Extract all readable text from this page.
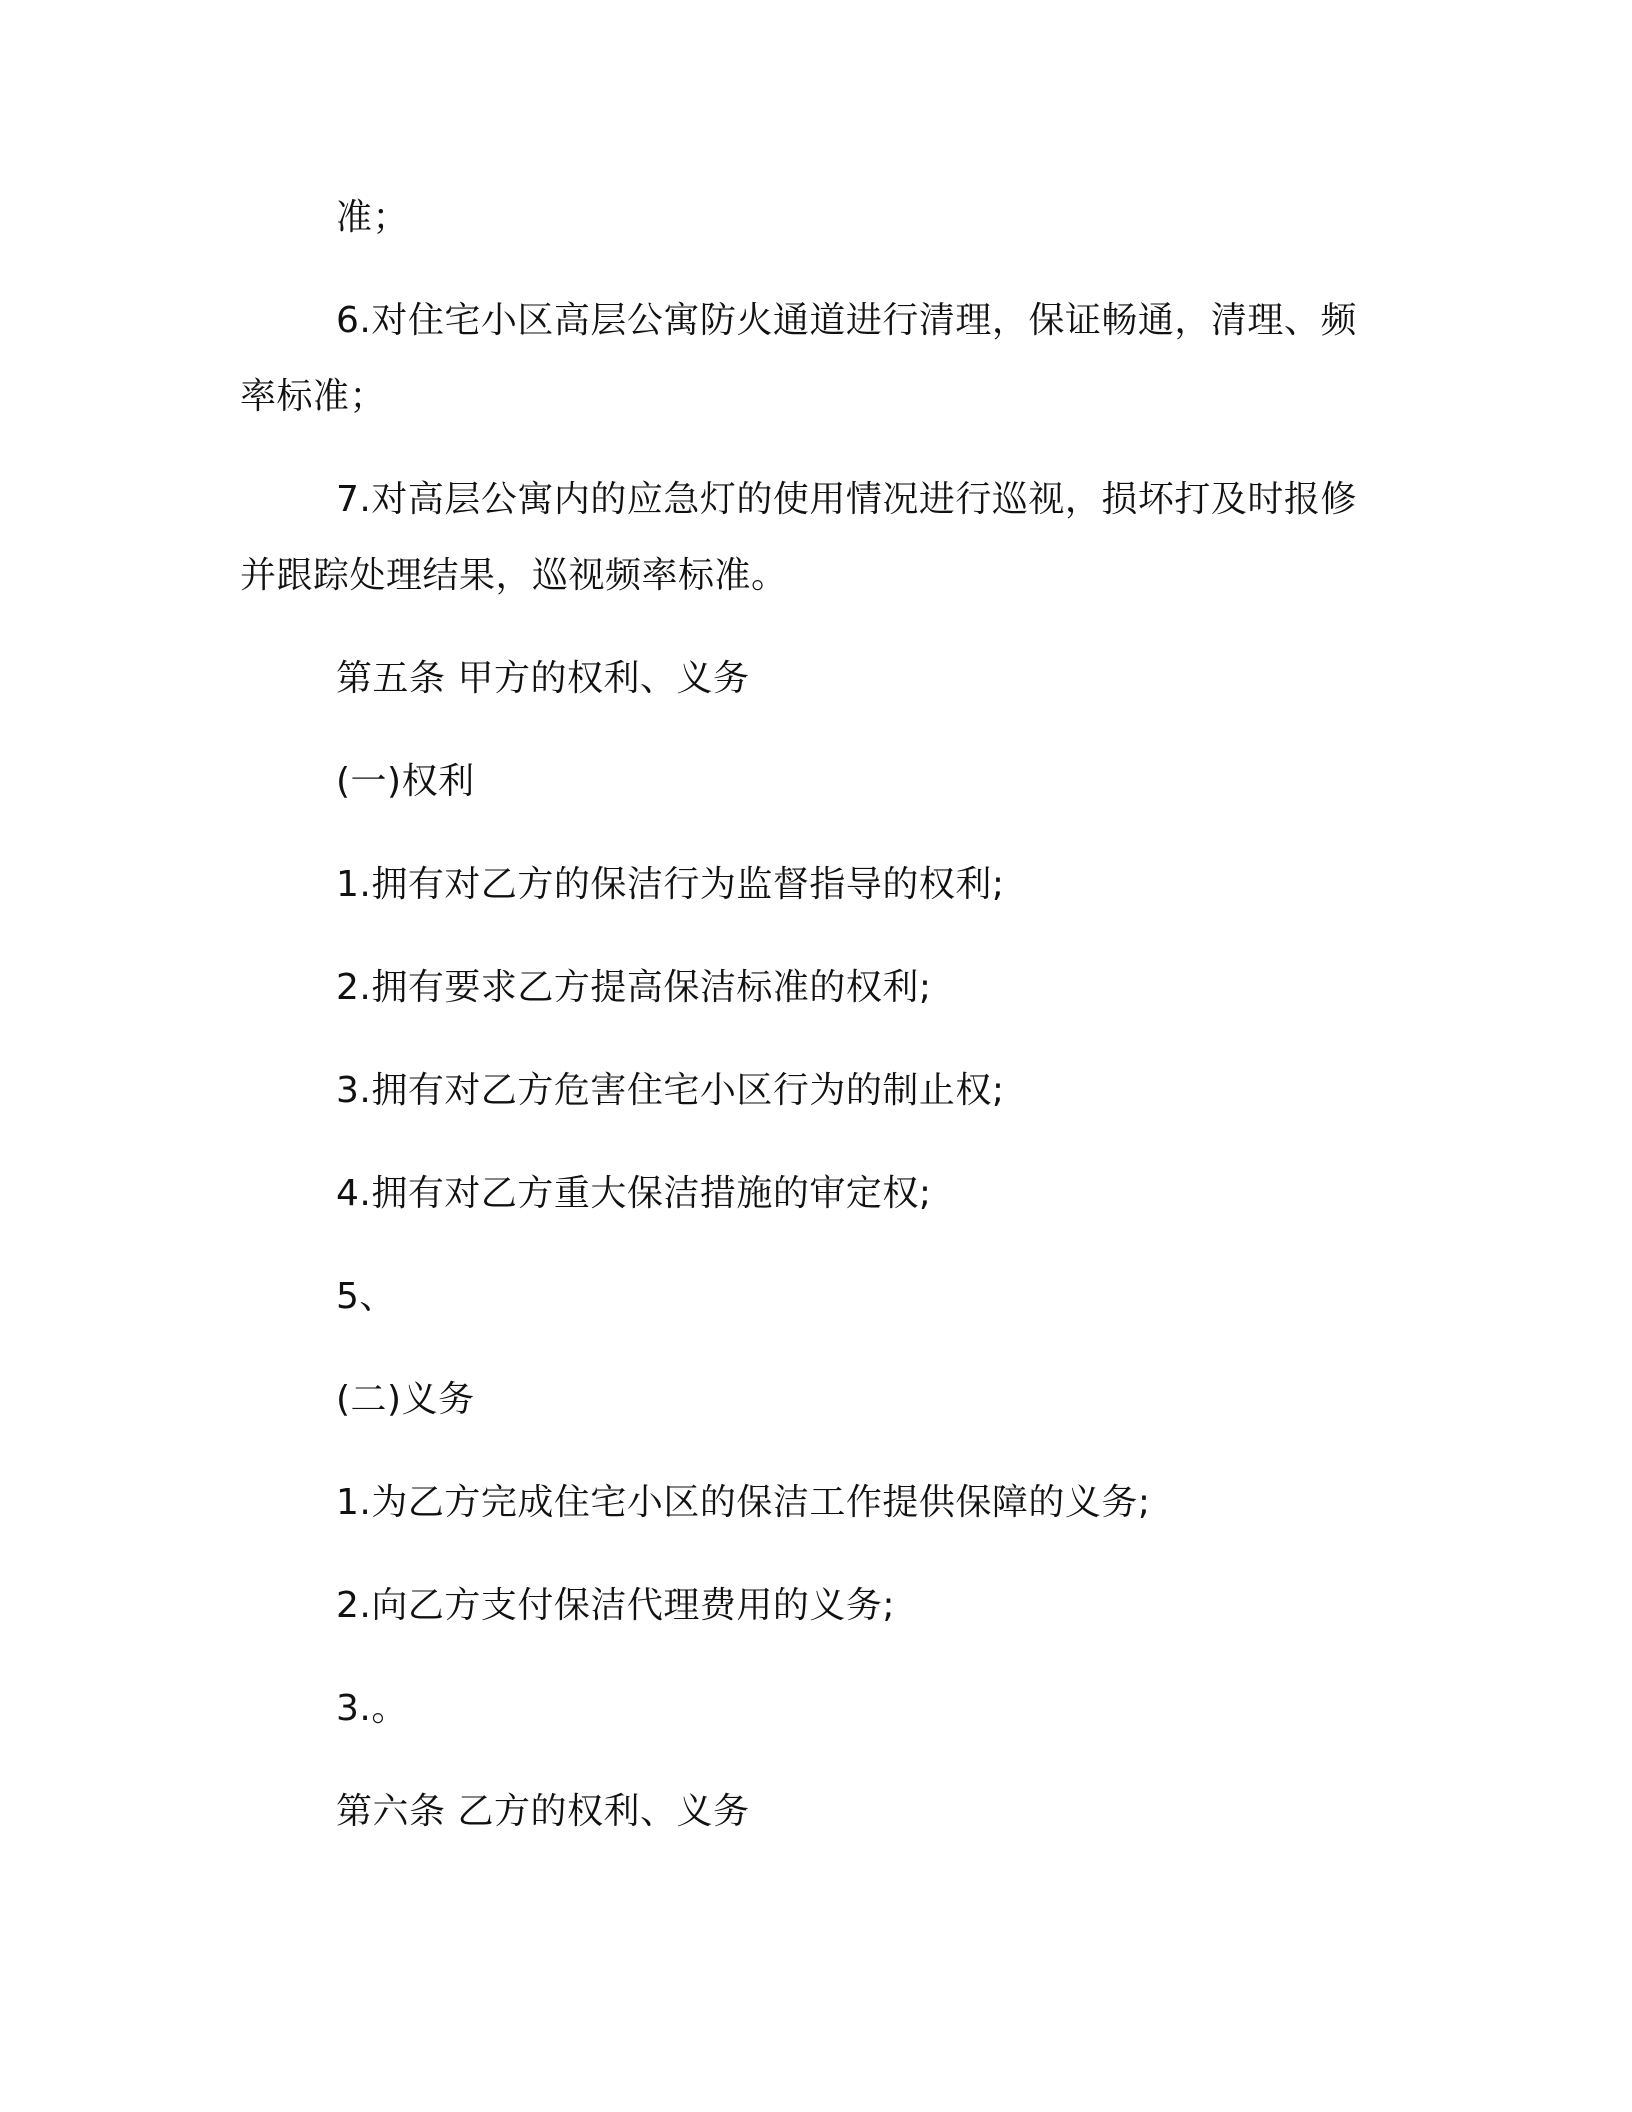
准；

6.对住宅小区高层公寓防火通道进行清理，保证畅通，清理、频率标准；

7.对高层公寓内的应急灯的使用情况进行巡视，损坏打及时报修并跟踪处理结果，巡视频率标准。

第五条 甲方的权利、义务

(一)权利

1.拥有对乙方的保洁行为监督指导的权利;

2.拥有要求乙方提高保洁标准的权利;

3.拥有对乙方危害住宅小区行为的制止权;

4.拥有对乙方重大保洁措施的审定权;

5、

(二)义务

1.为乙方完成住宅小区的保洁工作提供保障的义务;

2.向乙方支付保洁代理费用的义务;

3.。

第六条 乙方的权利、义务
